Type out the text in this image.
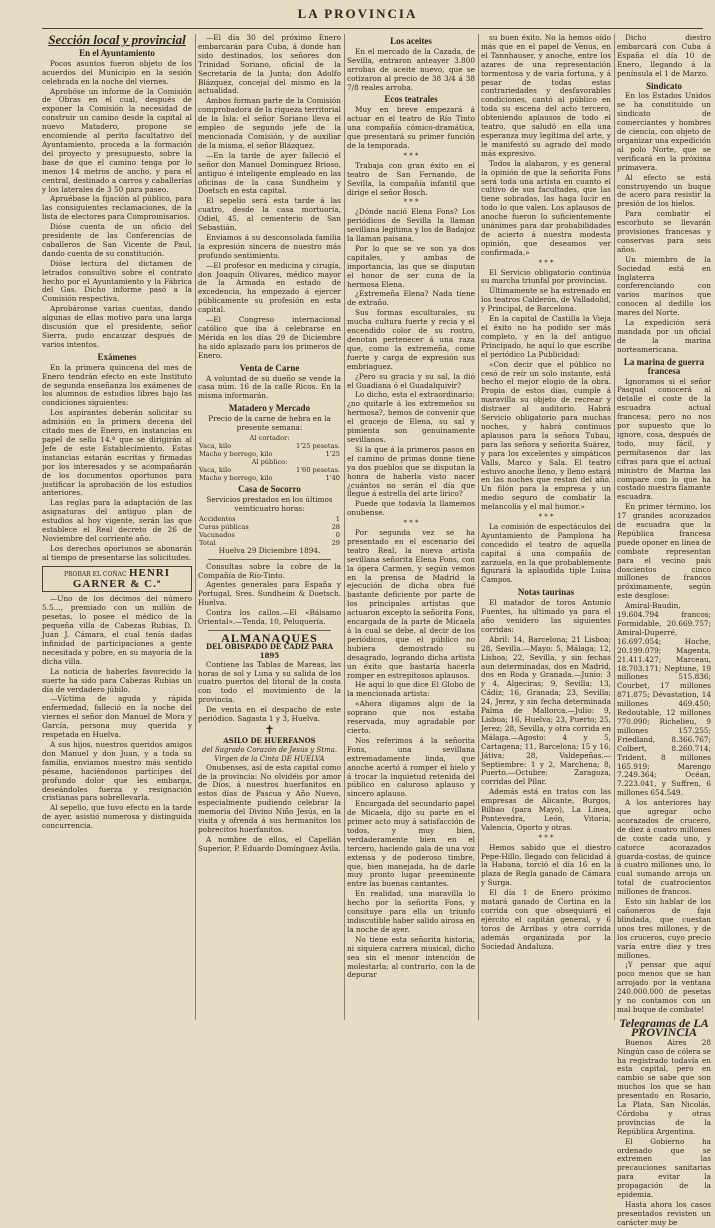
LA PROVINCIA
Sección local y provincial
En el Ayuntamiento

Pocos asuntos fueron objeto de los acuerdos del Municipio en la sesión celebrada en la noche del viernes.

Aprobóse un informe de la Comisión de Obras en el cual, después de exponer la Comisión la necesidad de construir un camino desde la capital al nuevo Matadero, propone se encomiende al perito facultativo del Ayuntamiento, proceda a la formación del proyecto y presupuesto, sobre la base de que el camino tenga por lo menos 14 metros de ancho, y para el central, destinado a carros y caballerías y los laterales de 3 50 para paseo.

Apruébase la fijación al público, para las consiguientes reclamaciones, de la lista de electores para Compromisarios.

Dióse cuenta de un oficio del presidente de las Conferencias de caballeros de San Vicente de Paul, dando cuenta de su constitución.

Dióse lectura del dictamen de letrados consultivo sobre el contrato hecho por el Ayuntamiento y la Fábrica del Gas. Dicho informe pasó a la Comisión respectiva.

Aprobáronse varias cuentas, dando algunas de ellas motivo para una larga discusión que el presidente, señor Sierra, pudo encauzar después de varios intentos.

Exámenes

En la primera quincena del mes de Enero tendrán efecto en este Instituto de segunda enseñanza los exámenes de los alumnos de estudios libres bajo las condiciones siguientes:

Los aspirantes deberán solicitar su admisión en la primera decena del citado mes de Enero, en instancias en papel de sello 14.ª que se dirigirán al Jefe de este Establecimiento. Estas instancias estarán escritas y firmadas por los interesados y se acompañarán de los documentos oportunos para justificar la aprobación de los estudios anteriores.

Las reglas para la adaptación de las asignaturas del antiguo plan de estudios al hoy vigente, serán las que establece el Real decreto de 26 de Noviembre del corriente año.

Los derechos oportunos se abonarán al tiempo de presentarse las solicitudes.

PROBAR EL COÑAC HENRI GARNER & C.ª

—Uno de los décimos del número 5.5..., premiado con un millón de pesetas, lo posee el médico de la pequeña villa de Cabezas Rubias, D. Juan J. Cámara, el cual tenía dadas infinidad de participaciones a gente necesitada y pobre, en su mayoría de la dicha villa.

La noticia de haberles favorecido la suerte ha sido para Cabezas Rubias un día de verdadero júbilo.

—Víctima de aguda y rápida enfermedad, falleció en la noche del viernes el señor don Manuel de Mora y García, persona muy querida y respetada en Huelva.

A sus hijos, nuestros queridos amigos don Manuel y don Juan, y a toda su familia, enviamos nuestro más sentido pésame, haciéndonos partícipes del profundo dolor que les embarga, deseándoles fuerza y resignación cristianas para sobrellevarla.

Al sepelio, que tuvo efecto en la tarde de ayer, asistió numerosa y distinguida concurrencia.

—El día 30 del próximo Enero embarcarán para Cuba, á donde han sido destinados, los señores don Trinidad Soriano, oficial de la Secretaría de la Junta; don Adolfo Blázquez, concejal del mismo en la actualidad.

Ambos forman parte de la Comisión comprobadora de la riqueza territorial de la Isla: el señor Soriano lleva el empleo de segundo jefe de la mencionada Comisión, y de auxiliar de la misma, el señor Blázquez.

—En la tarde de ayer falleció el señor don Manuel Domínguez Brioso, antiguo é inteligente empleado en las oficinas de la casa Sundheim y Doetsch en esta capital.

El sepelio será esta tarde á las cuatro, desde la casa mortuoria, Odiel, 45, al cementerio de San Sebastián.

Enviamos á su desconsolada familia la expresión sincera de nuestro más profundo sentimiento.

—El profesor en medicina y cirugía, don Joaquín Olivares, médico mayor de la Armada en estado de excedencia, ha empezado á ejercer públicamente su profesión en esta capital.

—El Congreso internacional católico que iba á celebrarse en Mérida en los días 29 de Diciembre ha sido aplazado para los primeros de Enero.

Venta de Carne

A voluntad de su dueño se vende la casa núm. 16 de la calle Ricos. En la misma informarán.

Matadero y Mercado

Precio de la carne de hebra en la presente semana:

Al cortador:	
Vaca, kilo	1'25 pesetas.
Macho y borrego, kilo	1'25
Al público:	
Vaca, kilo	1'60 pesetas.
Macho y borrego, kilo	1'40
Casa de Socorro

Servicios prestados en los últimos veinticuatro horas:

Accidentes	1
Curas públicas	28
Vacunados	0
Total	29

Huelva 29 Diciembre 1894.

Consultas sobre la cobre de la Compañía de Río-Tinto.

Agentes generales para España y Portugal, Sres. Sundheim & Doetsch. Huelva.

Contra los callos.—El «Bálsamo Oriental».—Tenda, 10, Peluquería.

ALMANAQUES
DEL OBISPADO DE CADIZ PARA 1895

Contiene las Tablas de Mareas, las horas de sol y Luna y su salida de los cuatro puertos del litoral de la costa con todo el movimiento de la provincia.

De venta en el despacho de este periódico. Sagasta 1 y 3, Huelva.

✝
ASILO DE HUERFANOS
del Sagrado Corazón de Jesús y Stma. Virgen de la Cinta DE HUELVA

Onubenses, así de esta capital como de la provincia: No olvidéis por amor de Dios, á nuestros huerfanitos en estos días de Pascua y Año Nuevo, especialmente pudiendo celebrar la memoria del Divino Niño Jesús, en la visita y ofrenda á sus hermanitos los pobrecitos huerfanitos.

A nombre de ellos, el Capellán Superior, P. Eduardo Domínguez Ávila.

Los aceites

En el mercado de la Cazada, de Sevilla, entraron anteayer 3.800 arrobas de aceite nuevo, que se cotizaron al precio de 38 3/4 á 38 7/8 reales arroba.

Ecos teatrales

Muy en breve empezará á actuar en el teatro de Río Tinto una compañía cómico-dramática, que presentará su primer función de la temporada.

* * *

Trabaja con gran éxito en el teatro de San Fernando, de Sevilla, la compañía infantil que dirige el señor Bosch.

* * *

¿Dónde nació Elena Fons? Los periódicos de Sevilla la llaman sevillana legítima y los de Badajoz la llaman paisana.

Por lo que se ve son ya dos capitales, y ambas de importancia, las que se disputan el honor de ser cuna de la hermosa Elena.

¿Extremeña Elena? Nada tiene de extraño.

Sus formas esculturales, su mucha cultura fuerte y recia y el encendido color de su rostro, denotan pertenecer á una raza que, como la extremeña, come fuerte y carga de expresión sus embriaguez.

¿Pero su gracia y su sal, la dió el Guadiana ó el Guadalquivir?

Lo dicho, esta el extraordinario: ¿no quitarle á los extremeños su hermosa?, hemos de convenir que el gracejo de Elena, su sal y pimienta son genuinamente sevillanos.

Si la que á la primeros pasos en el camino de primas donne tiene ya dos pueblos que se disputan la honra de haberla visto nacer ¿cuántos no serán el día que llegue á estrella del arte lírico?

Puede que todavía la llamemos onubense.

* * *

Por segunda vez se ha presentado en el escenario del teatro Real, la nueva artista sevillana señorita Elena Fons, con la ópera Carmen, y según vemos en la prensa de Madrid la ejecución de dicha obra fué bastante deficiente por parte de los principales artistas que actuaron excepto la señorita Fons, encargada de la parte de Micaela á la cual se debe, al decir de los periódicos, que el público no hubiera demostrado su desagrado, logrando dicha artista un éxito que bastaría hacerla romper en estrepitosos aplausos.

He aquí lo que dice El Globo de la mencionada artista:

«Ahora digamos algo de la soprano que nos estaba reservada, muy agradable por cierto.

Nos referimos á la señorita Fons, una sevillana extremadamente linda, que anoche acertó á romper el hielo y á trocar la inquietud retenida del público en caluroso aplauso y sincero aplauso.

Encargada del secundario papel de Micaela, dijo su parte en el primer acto muy á satisfacción de todos, y muy bien, verdaderamente bien en el tercero, haciendo gala de una voz extensa y de poderoso timbre, que, bien manejada, ha de darle muy pronto lugar preeminente entre las buenas cantantes.

En realidad, una maravilla lo hecho por la señorita Fons, y consituye para ella un triunfo indiscutible haber salido airosa en la noche de ayer.

No tiene esta señorita historia, ni siquiera carrera musical, dicho sea sin el menor intención de molestarla; al contrario, con la de depurar

su buen éxito. No la hemos oído más que en el papel de Venus, en el Tannhauser, y anoche, entre los azares de una representación tormentosa y de varia fortuna, y á pesar de todas estas contrariedades y desfavorables condiciones, cantó al público en toda su escena del acto tercero, obteniendo aplausos de todo el teatro, que saludó en ella una esperanza muy legítima del arte, y le manifestó su agrado del modo más expresivo.

Todos la alabaron, y es general la opinión de que la señorita Fons será toda una artista en cuanto el cultivo de sus facultades, que las tiene sobradas, las haga lucir en todo lo que valen. Los aplausos de anoche fueron lo suficientemente unánimes para dar probabilidades de acierto á nuestra modesta opinión, que deseamos ver confirmada.»

* * *

El Servicio obligatorio continúa su marcha triunfal por provincias.

Últimamente se ha estrenado en los teatros Calderón, de Valladolid, y Principal, de Barcelona.

En la capital de Castilla la Vieja el éxito no ha podido ser más completo, y en la del antiguo Principado, he aquí lo que escribe el periódico La Publicidad:

«Con decir que el público no cesó de reír un solo instante, está hecho el mejor elogio de la obra. Propia de estos días, cumple á maravilla su objeto de recrear y distraer al auditorio. Habrá Servicio obligatorio para muchas noches, y habrá continuos aplausos para la señora Tubau, para las señora y señorita Suárez, y para los excelentes y simpáticos Valls, Marco y Sala. El teatro estuvo anoche lleno, y lleno estará en las noches que restan del año. Un filón para la empresa y un medio seguro de combatir la melancolía y el mal humor.»

* * *

La comisión de espectáculos del Ayuntamiento de Pamplona ha concedido el teatro de aquella capital á una compañía de zarzuela, en la que probablemente figurará la aplaudida tiple Luisa Campos.

Notas taurinas

El matador de toros Antonio Fuentes, ha ultimado ya para el año venidero las siguientes corridas:

Abril: 14, Barcelona; 21 Lisboa; 28, Sevilla.—Mayo: 5, Málaga; 12, Lisboa; 22, Sevilla, y sin fechas aun determinadas, dos en Madrid, dos en Roda y Granada.—Junio: 3 y 4, Algeciras; 9, Sevilla; 13, Cádiz; 16, Granada; 23, Sevilla; 24, Jerez, y sin fecha determinada Palma de Mallorca.—Julio: 9, Lisboa; 16, Huelva; 23, Puerto; 25, Jerez; 28, Sevilla, y otra corrida en Málaga.—Agosto: 4 y 5, Cartagena; 11, Barcelona; 15 y 16, Játiva; 28, Valdepeñas.—Septiembre: 1 y 2, Marchena; 8, Puerto.—Octubre: Zaragoza, corridas del Pilar.

Además está en tratos con las empresas de Alicante, Burgos, Bilbao (para Mayo), La Línea, Pontevedra, León, Vitoria, Valencia, Oporto y otras.

* * *

Hemos sabido que el diestro Pepe-Hillo, llegado con felicidad á la Habana, torció el día 16 en la plaza de Regla ganado de Cámara y Surga.

El día 1 de Enero próximo matará ganado de Cortina en la corrida con que obsequiará el ejército el capitán general, y 6 toros de Arribas y otra corrida además organizada por la Sociedad Andaluza.

Dicho diestro embarcará con Cuba á España el día 10 de Enero, llegando á la península el 1 de Marzo.

Sindicato

En los Estados Unidos se ha constituido un sindicato de comerciantes y hombres de ciencia, con objeto de organizar una expedición al polo Norte, que se verificará en la próxima primavera.

Al efecto se está construyendo un buque de acero para resistir la presión de los hielos.

Para combatir el escorbuto se llevarán provisiones francesas y conservas para seis años.

Un miembro de la Sociedad está en Inglaterra conferenciando con varios marinos que conocen al dedillo los mares del Norte.

La expedición será mandada por un oficial de la marina norteamericana.

La marina de guerra francesa

Ignoramos si el señor Pasqual conocerá al detalle el coste de la escuadra actual francesa; pero no nos por supuesto que lo ignore, cosa, después de todo, muy fácil, y permítasenos dar las cifras para que el actual ministro de Marina las compare con lo que ha costado nuestra flamante escuadra.

En primer término, los 17 grandes acorazados de escuadra que la República francesa puede oponer en línea de combate representan para el vecino país doscientos cinco millones de francos próximamente, según este desglose:

Amiral-Baudin, 19.604.794 francos; Formidable, 20.669.757; Amiral-Duperré, 16.697.054; Hoche, 20.199.079; Magenta, 21.411.427; Marceau, 18.703.171; Neptune, 19 millones 515.836; Courbet, 17 millones 871.875; Dévastation, 14 millones 469.450; Redoutable, 12 millones 770.090; Richelieu, 9 millones 157.255; Friedland, 8.366.767; Colbert, 8.260.714; Trident, 8 millones 165.919; Marengo 7.249.364; Océan, 7.223.041, y Suffren, 6 millones 654.549.

A los anteriores hay que agregar ocho acorazados de crucero, de diez á cuatro millones de coste cada uno, y catorce acorazados guarda-costas, de quince á cuatro millones uno, lo cual sumando arroja un total de cuatrocientos millones de francos.

Esto sin hablar de los cañoneros de faja blindada, que cuestan unos tres millones, y de los cruceros, cuyo precio varía entre diez y tres millones.

¡Y pensar que aquí poco menos que se han arrojado por la ventana 240.000.000 de pesetas y no contamos con un mal buque de combate!

Telegramas de LA PROVINCIA

Buenos Aires 28 Ningún caso de cólera se ha registrado todavía en esta capital, pero en cambio se sabe que son muchos los que se han presentado en Rosario, La Plata, San Nicolás, Córdoba y otras provincias de la República Argentina.

El Gobierno ha ordenado que se extremen las precauciones sanitarias para evitar la propagación de la epidemia.

Hasta ahora los casos presentados revisten un carácter muy be
